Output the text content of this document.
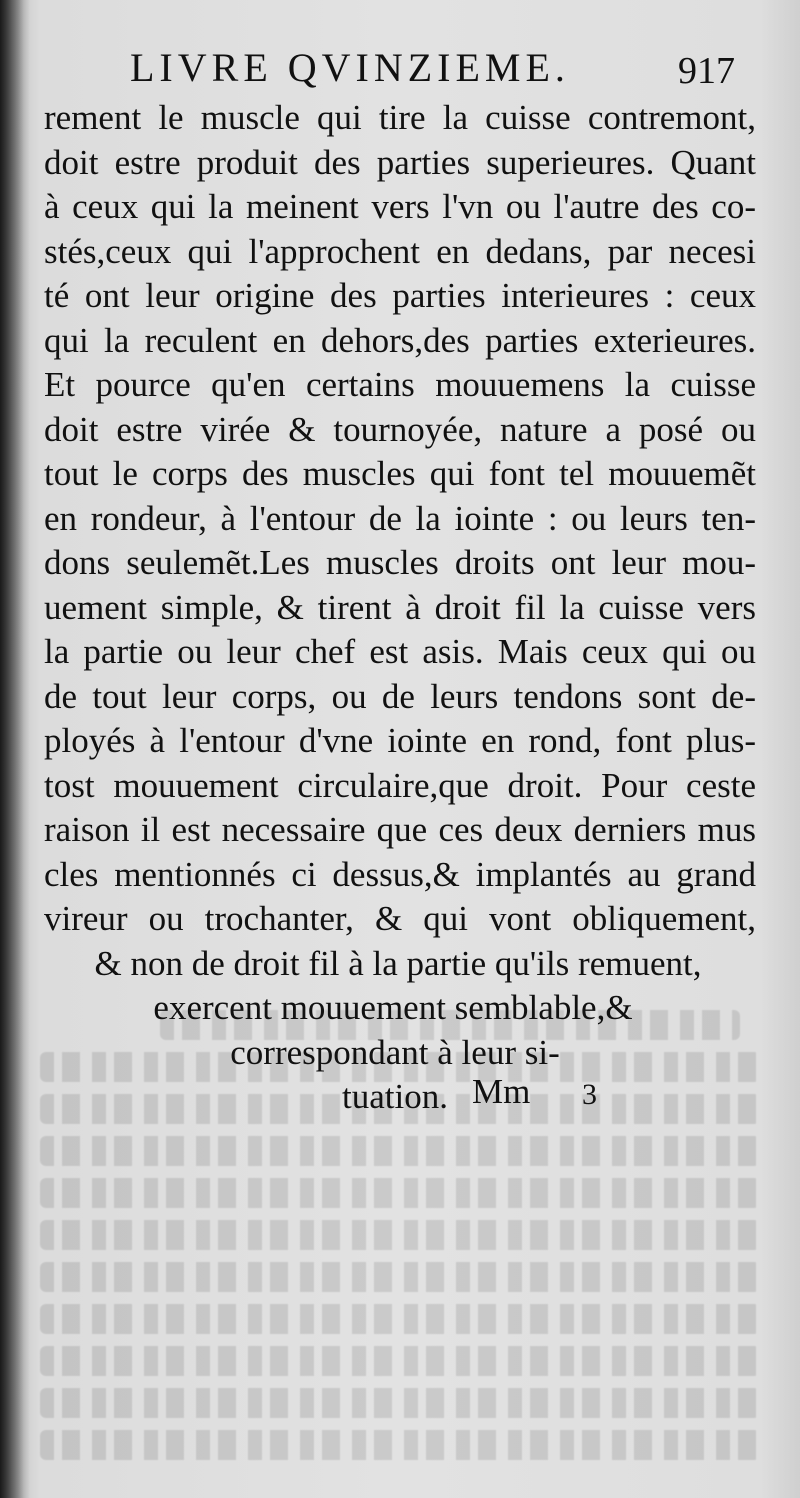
LIVRE QVINZIEME.	917
rement le muscle qui tire la cuisse contremont,
doit estre produit des parties superieures. Quant
à ceux qui la meinent vers l'vn ou l'autre des co-
stés,ceux qui l'approchent en dedans, par necesi
té ont leur origine des parties interieures : ceux
qui la reculent en dehors,des parties exterieures.
Et pource qu'en certains mouuemens la cuisse
doit estre virée & tournoyée, nature a posé ou
tout le corps des muscles qui font tel mouuemẽt
en rondeur, à l'entour de la iointe : ou leurs ten-
dons seulemẽt.Les muscles droits ont leur mou-
uement simple, & tirent à droit fil la cuisse vers
la partie ou leur chef est asis. Mais ceux qui ou
de tout leur corps, ou de leurs tendons sont de-
ployés à l'entour d'vne iointe en rond, font plus-
tost mouuement circulaire,que droit. Pour ceste
raison il est necessaire que ces deux derniers mus
cles mentionnés ci dessus,& implantés au grand
vireur ou trochanter, & qui vont obliquement,
& non de droit fil à la partie qu'ils remuent,
exercent mouuement semblable,&
correspondant à leur si-
tuation. Mm 3
